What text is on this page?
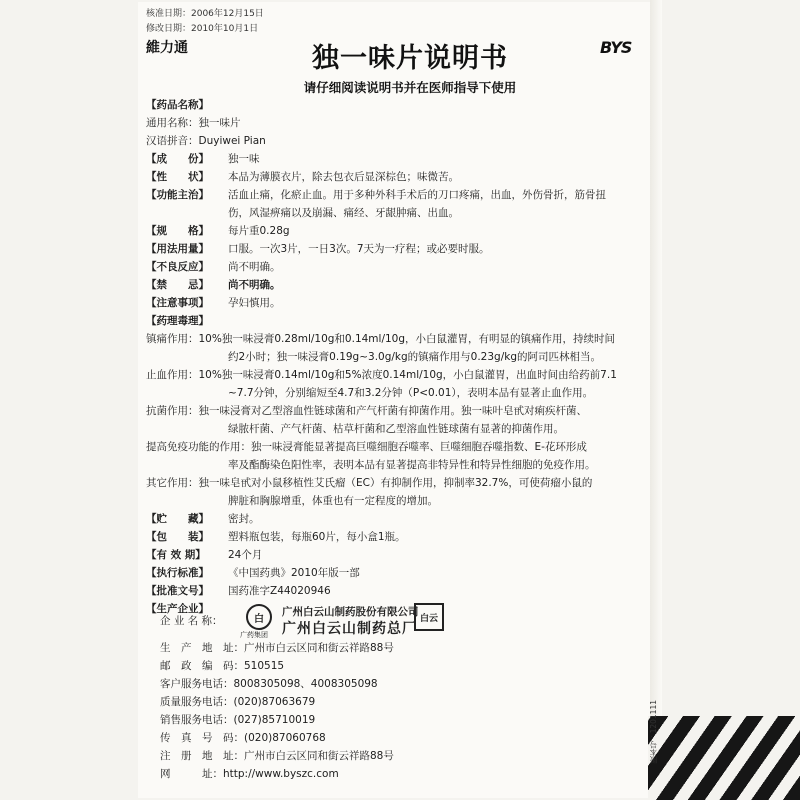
核准日期：2006年12月15日
修改日期：2010年10月1日
維力通	BYS
独一味片说明书
请仔细阅读说明书并在医师指导下使用
【药品名称】
通用名称：独一味片
汉语拼音：Duyiwei Pian
【成　　份】 独一味
【性　　状】 本品为薄膜衣片，除去包衣后显深棕色；味微苦。
【功能主治】 活血止痛，化瘀止血。用于多种外科手术后的刀口疼痛，出血，外伤骨折，筋骨扭
伤，风湿痹痛以及崩漏、痛经、牙龈肿痛、出血。
【规　　格】 每片重0.28g
【用法用量】 口服。一次3片，一日3次。7天为一疗程；或必要时服。
【不良反应】 尚不明确。
【禁　　忌】 尚不明确。
【注意事项】 孕妇慎用。
【药理毒理】
镇痛作用：10%独一味浸膏0.28ml/10g和0.14ml/10g，小白鼠灌胃，有明显的镇痛作用，持续时间
约2小时；独一味浸膏0.19g~3.0g/kg的镇痛作用与0.23g/kg的阿司匹林相当。
止血作用：10%独一味浸膏0.14ml/10g和5%浓度0.14ml/10g，小白鼠灌胃，出血时间由给药前7.1
~7.7分钟，分别缩短至4.7和3.2分钟（P<0.01），表明本品有显著止血作用。
抗菌作用：独一味浸膏对乙型溶血性链球菌和产气杆菌有抑菌作用。独一味叶皂甙对痢疾杆菌、
绿脓杆菌、产气杆菌、枯草杆菌和乙型溶血性链球菌有显著的抑菌作用。
提高免疫功能的作用：独一味浸膏能显著提高巨噬细胞吞噬率、巨噬细胞吞噬指数、E-花环形成
率及酯酶染色阳性率，表明本品有显著提高非特异性和特异性细胞的免疫作用。
其它作用：独一味皂甙对小鼠移植性艾氏瘤（EC）有抑制作用，抑制率32.7%，可使荷瘤小鼠的
脾脏和胸腺增重，体重也有一定程度的增加。
【贮　　藏】 密封。
【包　　装】 塑料瓶包装，每瓶60片，每小盒1瓶。
【有 效 期】 24个月
【执行标准】 《中国药典》2010年版一部
【批准文号】 国药准字Z44020946
【生产企业】
企 业 名 称：	白
广药集团
广州白云山制药股份有限公司
广州白云山制药总厂
白云
生　产　地　址：广州市白云区同和街云祥路88号
邮　政　编　码：510515
客户服务电话：8008305098、4008305098
质量服务电话：(020)87063679
销售服务电话：(027)85710019
传　真　号　码：(020)87060768
注　册　地　址：广州市白云区同和街云祥路88号
网　　　址：http://www.byszc.com
版本号：1201111
